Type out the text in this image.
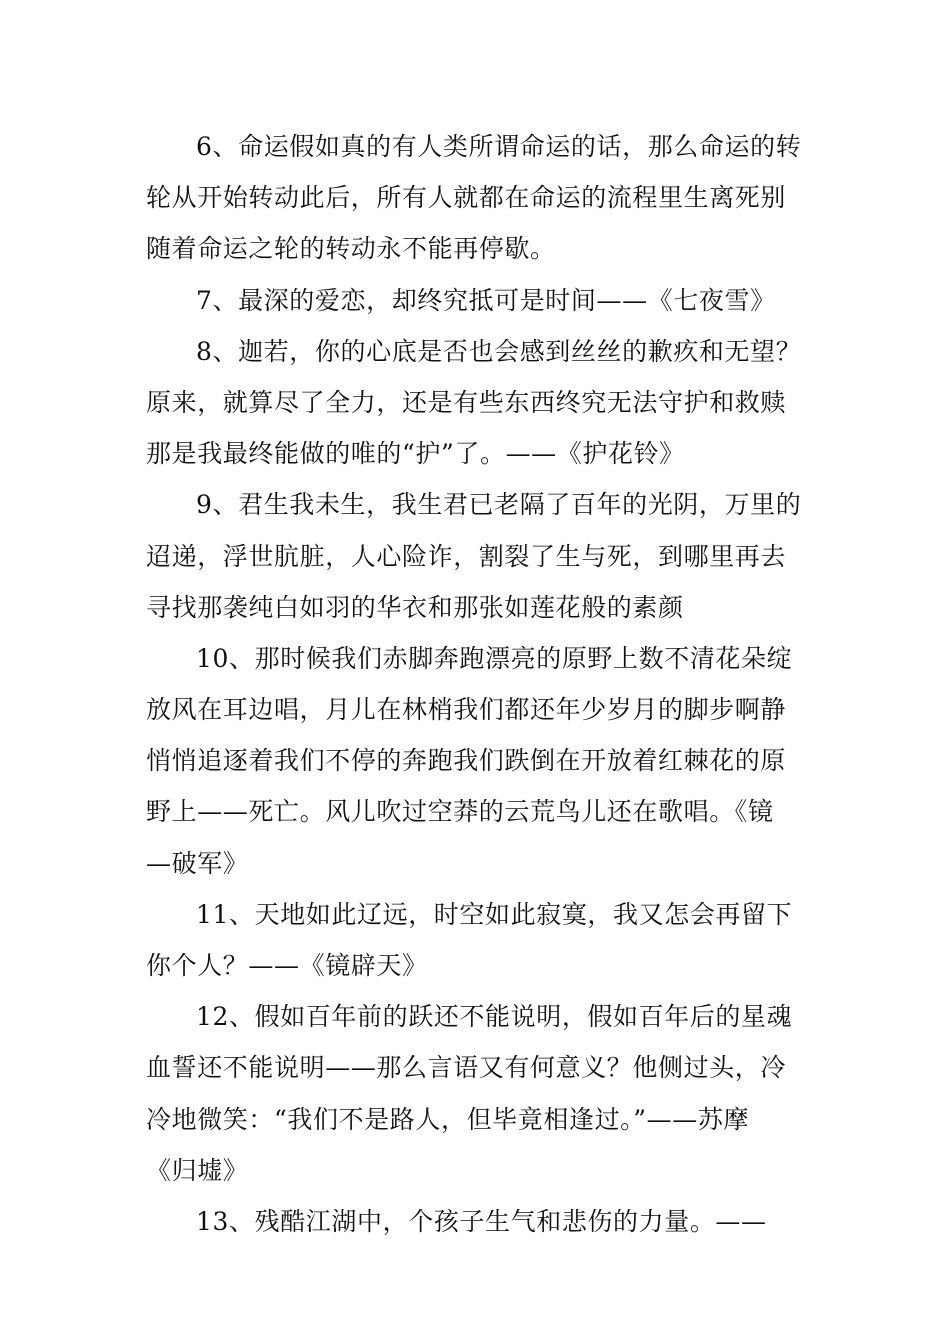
6、命运假如真的有人类所谓命运的话，那么命运的转
轮从开始转动此后，所有人就都在命运的流程里生离死别
随着命运之轮的转动永不能再停歇。
7、最深的爱恋，却终究抵可是时间——《七夜雪》
8、迦若，你的心底是否也会感到丝丝的歉疚和无望？
原来，就算尽了全力，还是有些东西终究无法守护和救赎
那是我最终能做的唯的“护”了。——《护花铃》
9、君生我未生，我生君已老隔了百年的光阴，万里的
迢递，浮世肮脏，人心险诈，割裂了生与死，到哪里再去
寻找那袭纯白如羽的华衣和那张如莲花般的素颜
10、那时候我们赤脚奔跑漂亮的原野上数不清花朵绽
放风在耳边唱，月儿在林梢我们都还年少岁月的脚步啊静
悄悄追逐着我们不停的奔跑我们跌倒在开放着红棘花的原
野上——死亡。风儿吹过空莽的云荒鸟儿还在歌唱。《镜
—破军》
11、天地如此辽远，时空如此寂寞，我又怎会再留下
你个人？——《镜辟天》
12、假如百年前的跃还不能说明，假如百年后的星魂
血誓还不能说明——那么言语又有何意义？他侧过头，冷
冷地微笑：“我们不是路人，但毕竟相逢过。”——苏摩
《归墟》
13、残酷江湖中，个孩子生气和悲伤的力量。——
